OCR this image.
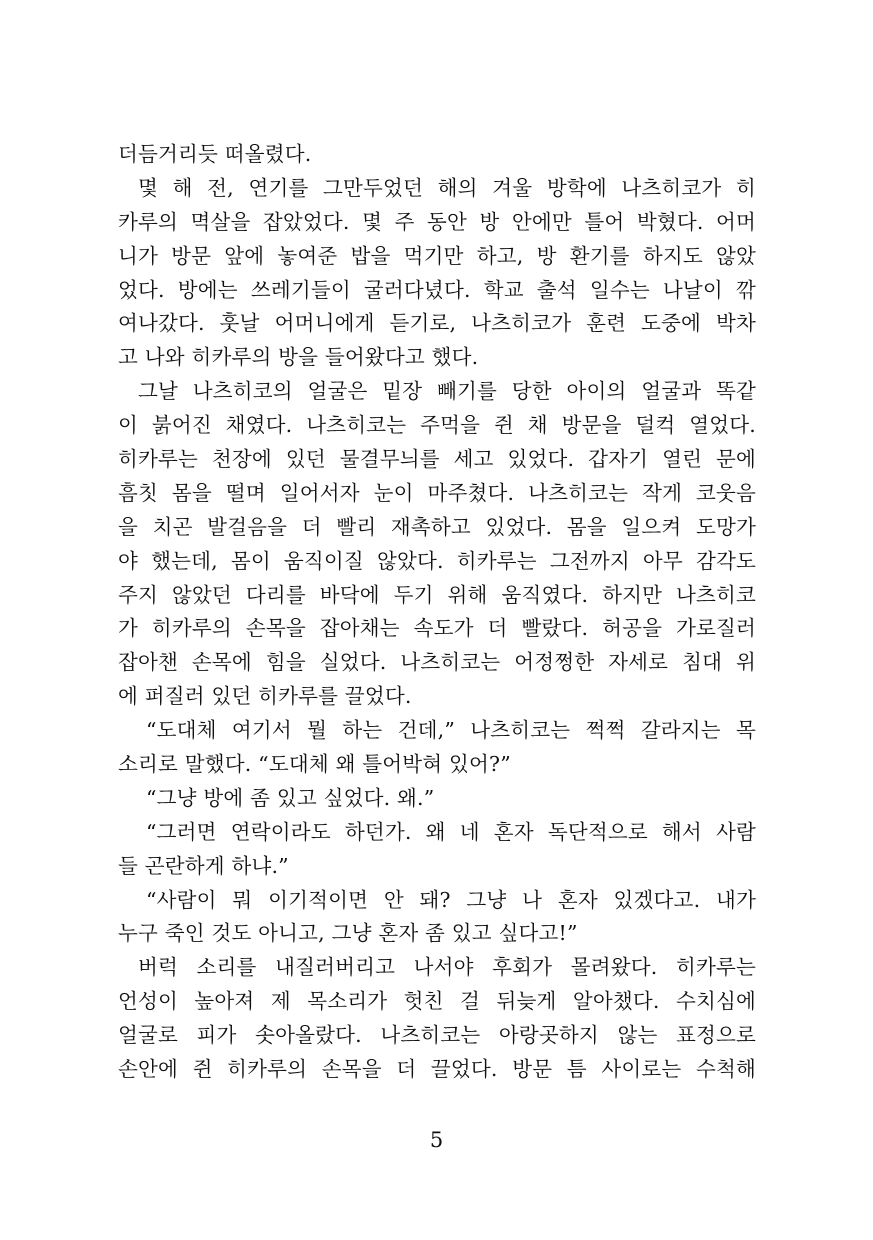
더듬거리듯 떠올렸다.
몇 해 전, 연기를 그만두었던 해의 겨울 방학에 나츠히코가 히
카루의 멱살을 잡았었다. 몇 주 동안 방 안에만 틀어 박혔다. 어머
니가 방문 앞에 놓여준 밥을 먹기만 하고, 방 환기를 하지도 않았
었다. 방에는 쓰레기들이 굴러다녔다. 학교 출석 일수는 나날이 깎
여나갔다. 훗날 어머니에게 듣기로, 나츠히코가 훈련 도중에 박차
고 나와 히카루의 방을 들어왔다고 했다.
그날 나츠히코의 얼굴은 밑장 빼기를 당한 아이의 얼굴과 똑같
이 붉어진 채였다. 나츠히코는 주먹을 쥔 채 방문을 덜컥 열었다.
히카루는 천장에 있던 물결무늬를 세고 있었다. 갑자기 열린 문에
흠칫 몸을 떨며 일어서자 눈이 마주쳤다. 나츠히코는 작게 코웃음
을 치곤 발걸음을 더 빨리 재촉하고 있었다. 몸을 일으켜 도망가
야 했는데, 몸이 움직이질 않았다. 히카루는 그전까지 아무 감각도
주지 않았던 다리를 바닥에 두기 위해 움직였다. 하지만 나츠히코
가 히카루의 손목을 잡아채는 속도가 더 빨랐다. 허공을 가로질러
잡아챈 손목에 힘을 실었다. 나츠히코는 어정쩡한 자세로 침대 위
에 퍼질러 있던 히카루를 끌었다.
“도대체 여기서 뭘 하는 건데,” 나츠히코는 쩍쩍 갈라지는 목
소리로 말했다. “도대체 왜 틀어박혀 있어?”
“그냥 방에 좀 있고 싶었다. 왜.”
“그러면 연락이라도 하던가. 왜 네 혼자 독단적으로 해서 사람
들 곤란하게 하냐.”
“사람이 뭐 이기적이면 안 돼? 그냥 나 혼자 있겠다고. 내가
누구 죽인 것도 아니고, 그냥 혼자 좀 있고 싶다고!”
버럭 소리를 내질러버리고 나서야 후회가 몰려왔다. 히카루는
언성이 높아져 제 목소리가 헛친 걸 뒤늦게 알아챘다. 수치심에
얼굴로 피가 솟아올랐다. 나츠히코는 아랑곳하지 않는 표정으로
손안에 쥔 히카루의 손목을 더 끌었다. 방문 틈 사이로는 수척해
5
